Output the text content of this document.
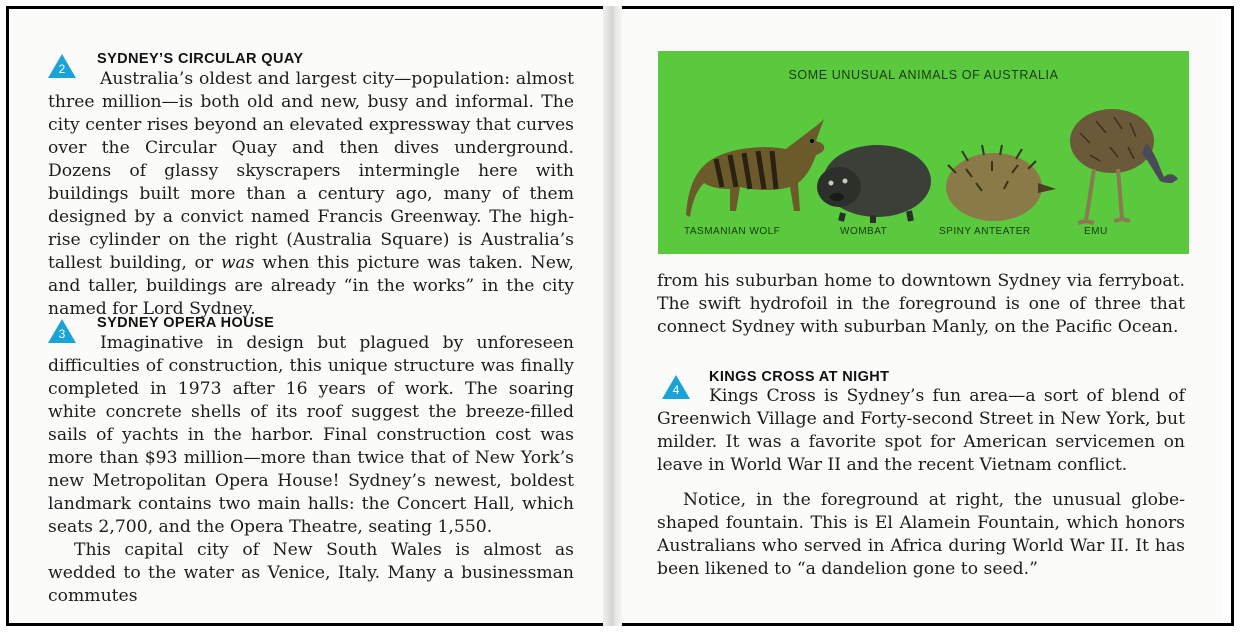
2
SYDNEY’S CIRCULAR QUAY

Australia’s oldest and largest city—population: almost three million—is both old and new, busy and informal. The city center rises beyond an elevated expressway that curves over the Circular Quay and then dives underground. Dozens of glassy skyscrapers intermingle here with buildings built more than a century ago, many of them designed by a convict named Francis Greenway. The high-rise cylinder on the right (Australia Square) is Australia’s tallest building, or was when this picture was taken. New, and taller, buildings are already “in the works” in the city named for Lord Sydney.

3
SYDNEY OPERA HOUSE

Imaginative in design but plagued by unforeseen difficulties of construction, this unique structure was finally completed in 1973 after 16 years of work. The soaring white concrete shells of its roof suggest the breeze-filled sails of yachts in the harbor. Final construction cost was more than $93 million—more than twice that of New York’s new Metropolitan Opera House! Sydney’s newest, boldest landmark contains two main halls: the Concert Hall, which seats 2,700, and the Opera Theatre, seating 1,550.

This capital city of New South Wales is almost as wedded to the water as Venice, Italy. Many a businessman commutes

SOME UNUSUAL ANIMALS OF AUSTRALIA
TASMANIAN WOLF	WOMBAT	SPINY ANTEATER	EMU

from his suburban home to downtown Sydney via ferryboat. The swift hydrofoil in the foreground is one of three that connect Sydney with suburban Manly, on the Pacific Ocean.

4
KINGS CROSS AT NIGHT

Kings Cross is Sydney’s fun area—a sort of blend of Greenwich Village and Forty-second Street in New York, but milder. It was a favorite spot for American servicemen on leave in World War II and the recent Vietnam conflict.

Notice, in the foreground at right, the unusual globe-shaped fountain. This is El Alamein Fountain, which honors Australians who served in Africa during World War II. It has been likened to “a dandelion gone to seed.”
